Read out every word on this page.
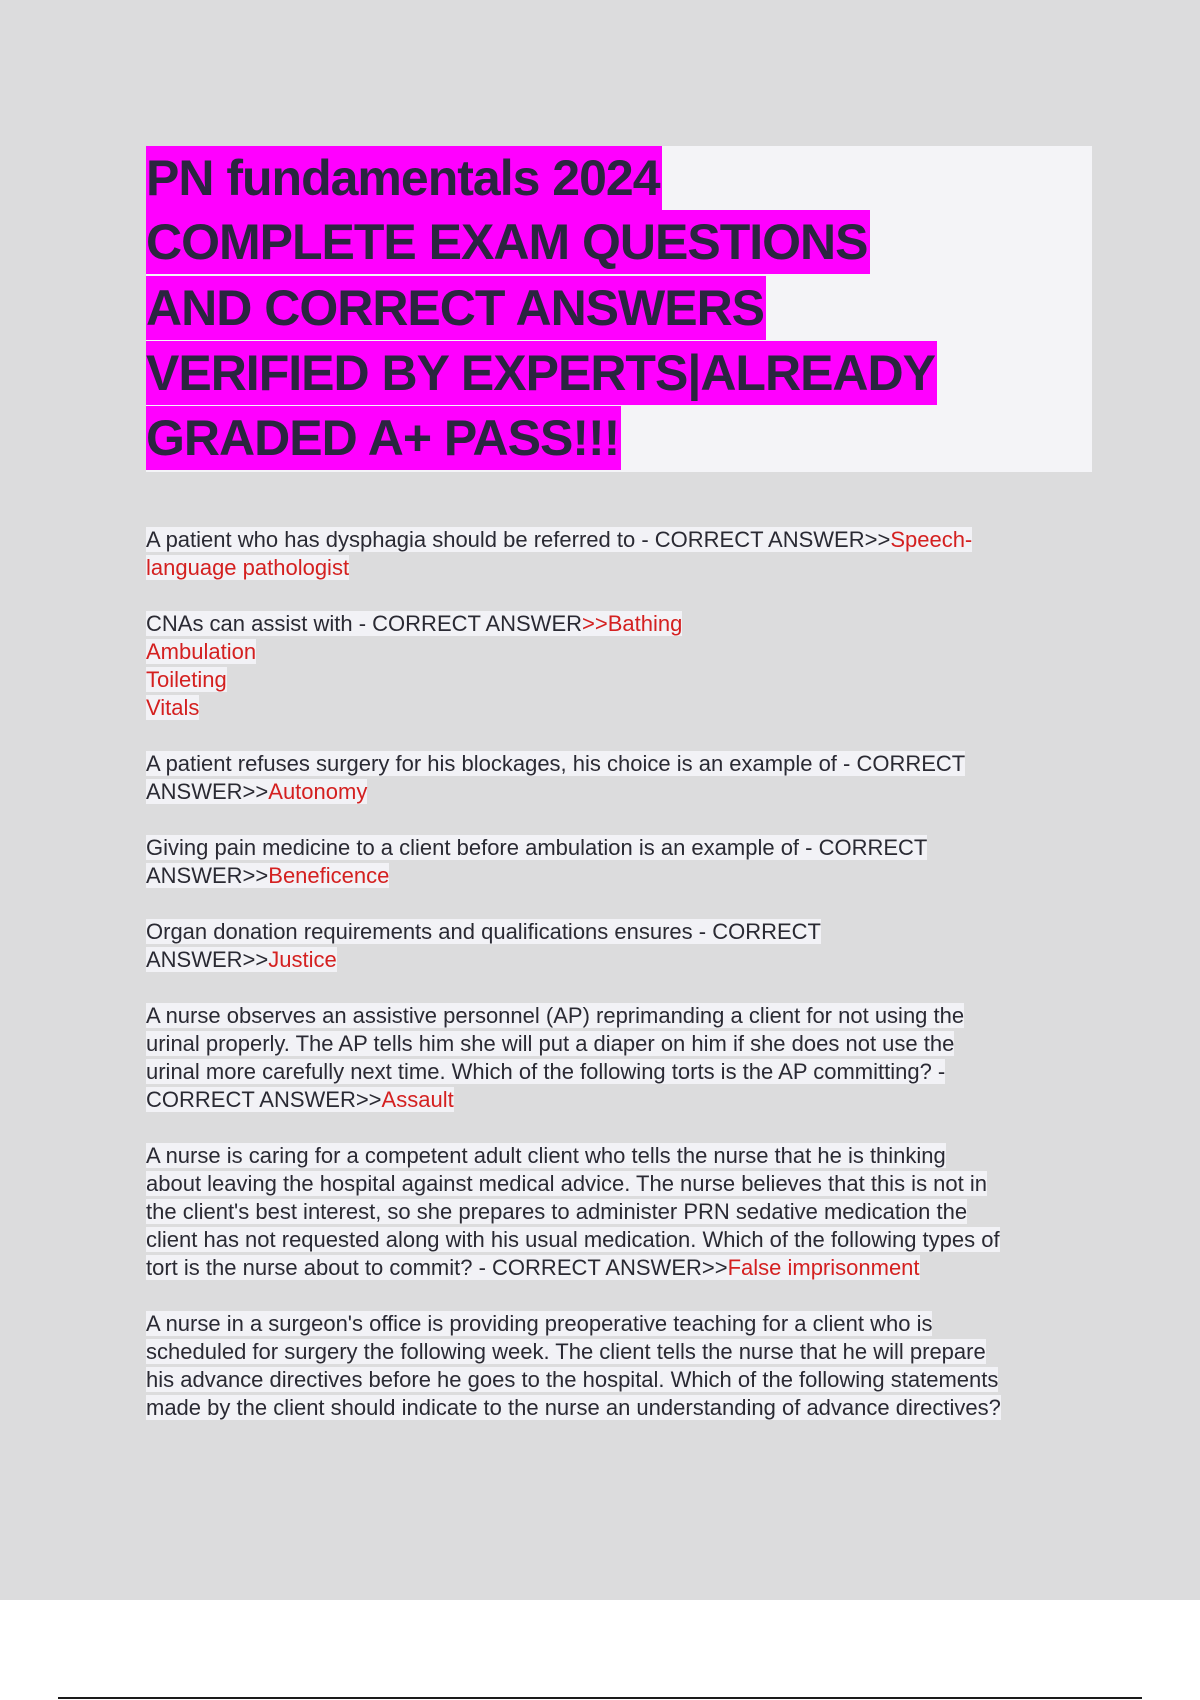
PN fundamentals 2024
COMPLETE EXAM QUESTIONS
AND CORRECT ANSWERS
VERIFIED BY EXPERTS|ALREADY
GRADED A+ PASS!!!
A patient who has dysphagia should be referred to - CORRECT ANSWER>>Speech-
language pathologist
CNAs can assist with - CORRECT ANSWER>>Bathing
Ambulation
Toileting
Vitals
A patient refuses surgery for his blockages, his choice is an example of - CORRECT
ANSWER>>Autonomy
Giving pain medicine to a client before ambulation is an example of - CORRECT
ANSWER>>Beneficence
Organ donation requirements and qualifications ensures - CORRECT
ANSWER>>Justice
A nurse observes an assistive personnel (AP) reprimanding a client for not using the
urinal properly. The AP tells him she will put a diaper on him if she does not use the
urinal more carefully next time. Which of the following torts is the AP committing? -
CORRECT ANSWER>>Assault
A nurse is caring for a competent adult client who tells the nurse that he is thinking
about leaving the hospital against medical advice. The nurse believes that this is not in
the client's best interest, so she prepares to administer PRN sedative medication the
client has not requested along with his usual medication. Which of the following types of
tort is the nurse about to commit? - CORRECT ANSWER>>False imprisonment
A nurse in a surgeon's office is providing preoperative teaching for a client who is
scheduled for surgery the following week. The client tells the nurse that he will prepare
his advance directives before he goes to the hospital. Which of the following statements
made by the client should indicate to the nurse an understanding of advance directives?
